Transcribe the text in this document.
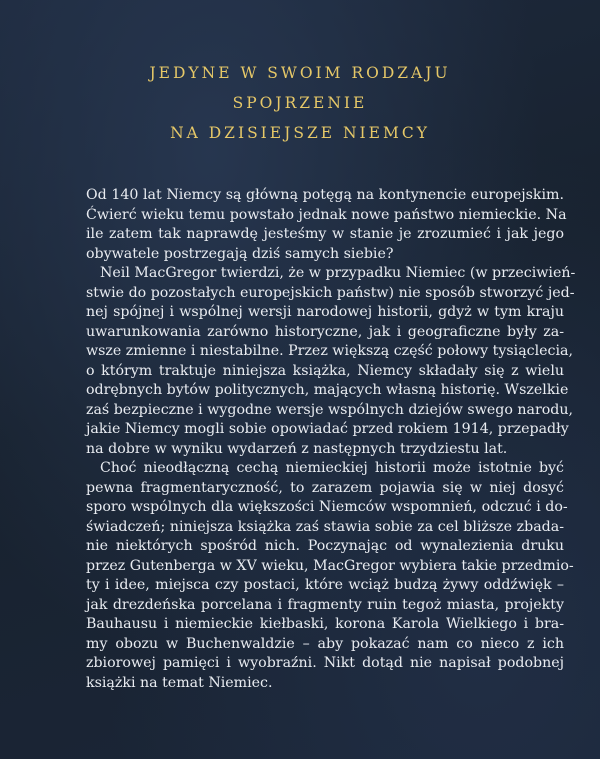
JEDYNE W SWOIM RODZAJU
SPOJRZENIE
NA DZISIEJSZE NIEMCY
Od 140 lat Niemcy są główną potęgą na kontynencie europejskim.
Ćwierć wieku temu powstało jednak nowe państwo niemieckie. Na
ile zatem tak naprawdę jesteśmy w stanie je zrozumieć i jak jego
obywatele postrzegają dziś samych siebie?
Neil MacGregor twierdzi, że w przypadku Niemiec (w przeciwień-
stwie do pozostałych europejskich państw) nie sposób stworzyć jed-
nej spójnej i wspólnej wersji narodowej historii, gdyż w tym kraju
uwarunkowania zarówno historyczne, jak i geograficzne były za-
wsze zmienne i niestabilne. Przez większą część połowy tysiąclecia,
o którym traktuje niniejsza książka, Niemcy składały się z wielu
odrębnych bytów politycznych, mających własną historię. Wszelkie
zaś bezpieczne i wygodne wersje wspólnych dziejów swego narodu,
jakie Niemcy mogli sobie opowiadać przed rokiem 1914, przepadły
na dobre w wyniku wydarzeń z następnych trzydziestu lat.
Choć nieodłączną cechą niemieckiej historii może istotnie być
pewna fragmentaryczność, to zarazem pojawia się w niej dosyć
sporo wspólnych dla większości Niemców wspomnień, odczuć i do-
świadczeń; niniejsza książka zaś stawia sobie za cel bliższe zbada-
nie niektórych spośród nich. Poczynając od wynalezienia druku
przez Gutenberga w XV wieku, MacGregor wybiera takie przedmio-
ty i idee, miejsca czy postaci, które wciąż budzą żywy oddźwięk –
jak drezdeńska porcelana i fragmenty ruin tegoż miasta, projekty
Bauhausu i niemieckie kiełbaski, korona Karola Wielkiego i bra-
my obozu w Buchenwaldzie – aby pokazać nam co nieco z ich
zbiorowej pamięci i wyobraźni. Nikt dotąd nie napisał podobnej
książki na temat Niemiec.
